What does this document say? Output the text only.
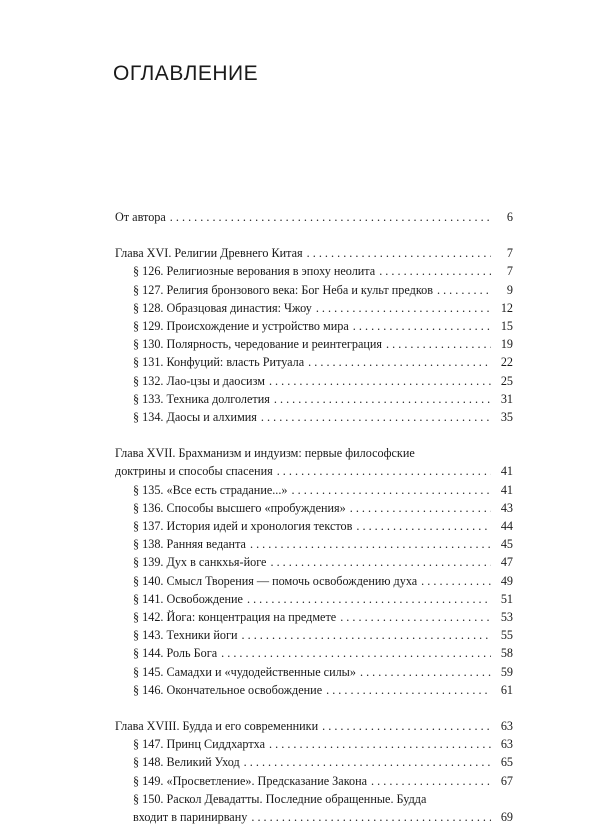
ОГЛАВЛЕНИЕ
От автора . . .	6
Глава XVI. Религии Древнего Китая . . .	7
§ 126. Религиозные верования в эпоху неолита . . .	7
§ 127. Религия бронзового века: Бог Неба и культ предков . . .	9
§ 128. Образцовая династия: Чжоу . . .	12
§ 129. Происхождение и устройство мира . . .	15
§ 130. Полярность, чередование и реинтеграция . . .	19
§ 131. Конфуций: власть Ритуала . . .	22
§ 132. Лао-цзы и даосизм . . .	25
§ 133. Техника долголетия . . .	31
§ 134. Даосы и алхимия . . .	35
Глава XVII. Брахманизм и индуизм: первые философские
доктрины и способы спасения . . .	41
§ 135. «Все есть страдание...» . . .	41
§ 136. Способы высшего «пробуждения» . . .	43
§ 137. История идей и хронология текстов . . .	44
§ 138. Ранняя веданта . . .	45
§ 139. Дух в санкхья-йоге . . .	47
§ 140. Смысл Творения — помочь освобождению духа . . .	49
§ 141. Освобождение . . .	51
§ 142. Йога: концентрация на предмете . . .	53
§ 143. Техники йоги . . .	55
§ 144. Роль Бога . . .	58
§ 145. Самадхи и «чудодейственные силы» . . .	59
§ 146. Окончательное освобождение . . .	61
Глава XVIII. Будда и его современники . . .	63
§ 147. Принц Сиддхартха . . .	63
§ 148. Великий Уход . . .	65
§ 149. «Просветление». Предсказание Закона . . .	67
§ 150. Раскол Девадатты. Последние обращенные. Будда
входит в паринирвану . . .	69
